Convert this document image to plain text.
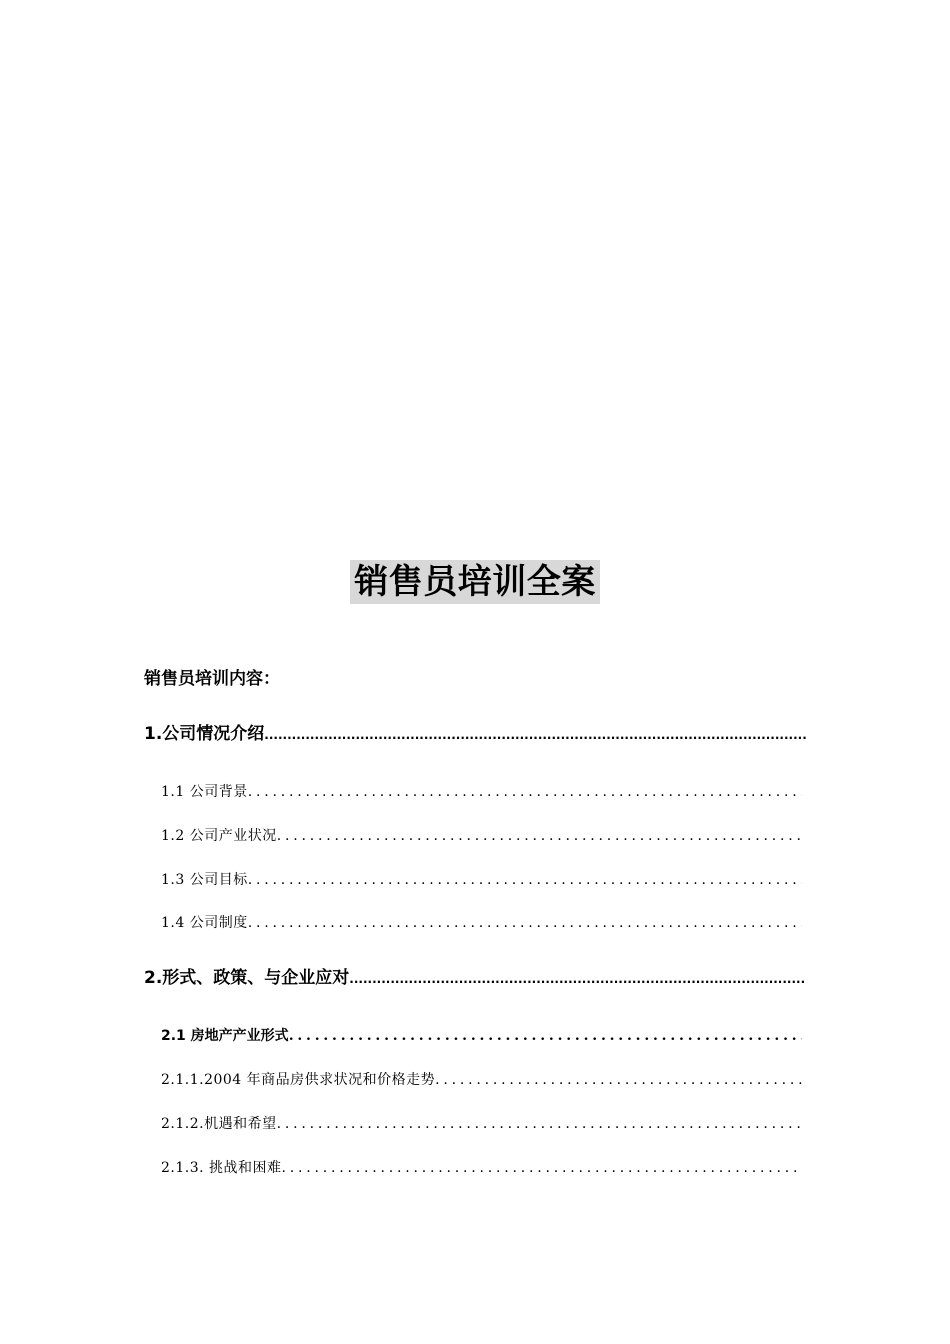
销售员培训全案
销售员培训内容：
1.公司情况介绍
.....
1.1 公司背景
.....
1.2 公司产业状况
.....
1.3 公司目标
.....
1.4 公司制度
.....
2.形式、政策、与企业应对
.....
2.1 房地产产业形式
.....
2.1.1.2004 年商品房供求状况和价格走势
.....
2.1.2.机遇和希望
.....
2.1.3. 挑战和困难
.....
